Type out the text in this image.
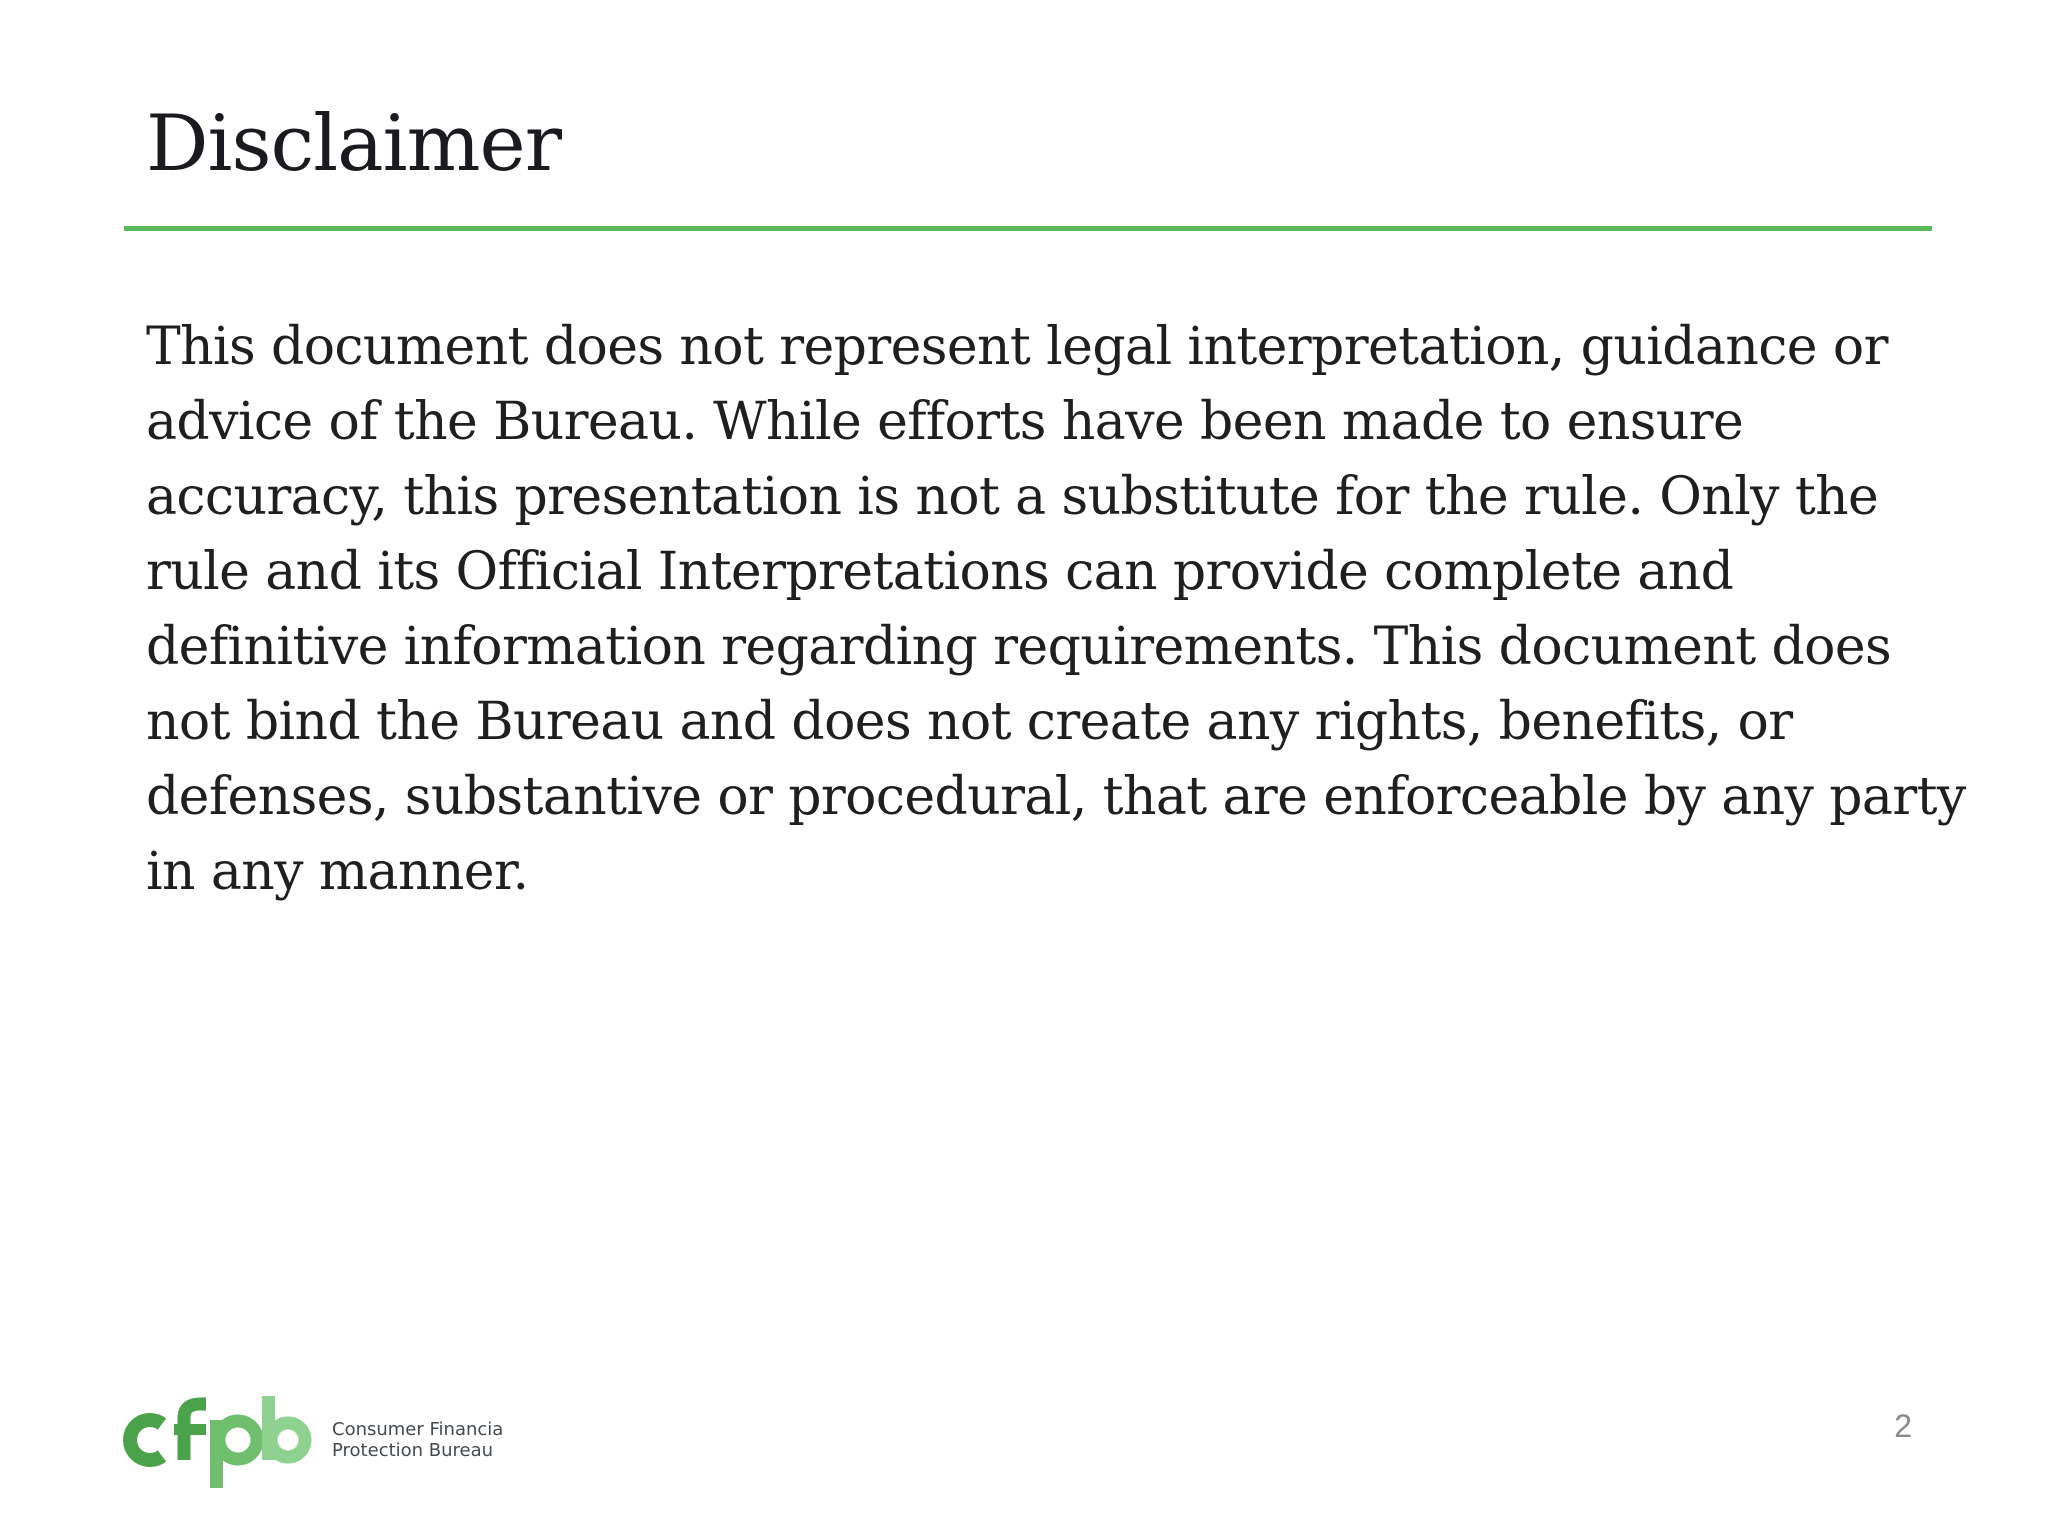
Disclaimer

This document does not represent legal interpretation, guidance or
advice of the Bureau. While efforts have been made to ensure
accuracy, this presentation is not a substitute for the rule. Only the
rule and its Official Interpretations can provide complete and
definitive information regarding requirements. This document does
not bind the Bureau and does not create any rights, benefits, or
defenses, substantive or procedural, that are enforceable by any party
in any manner.

Consumer Financia
Protection Bureau
2
